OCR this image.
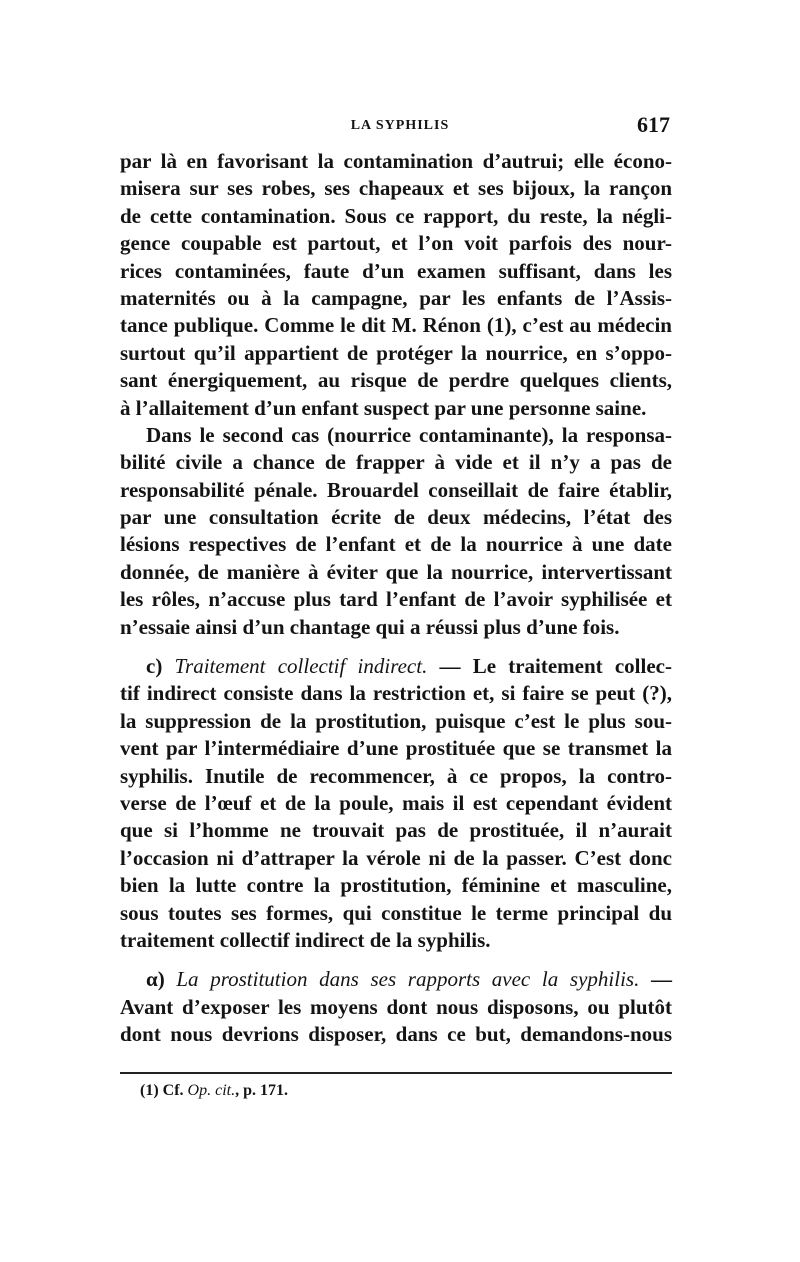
LA SYPHILIS	617
par là en favorisant la contamination d’autrui; elle écono-
misera sur ses robes, ses chapeaux et ses bijoux, la rançon
de cette contamination. Sous ce rapport, du reste, la négli-
gence coupable est partout, et l’on voit parfois des nour-
rices contaminées, faute d’un examen suffisant, dans les
maternités ou à la campagne, par les enfants de l’Assis-
tance publique. Comme le dit M. Rénon (1), c’est au médecin
surtout qu’il appartient de protéger la nourrice, en s’oppo-
sant énergiquement, au risque de perdre quelques clients,
à l’allaitement d’un enfant suspect par une personne saine.
Dans le second cas (nourrice contaminante), la responsa-
bilité civile a chance de frapper à vide et il n’y a pas de
responsabilité pénale. Brouardel conseillait de faire établir,
par une consultation écrite de deux médecins, l’état des
lésions respectives de l’enfant et de la nourrice à une date
donnée, de manière à éviter que la nourrice, intervertissant
les rôles, n’accuse plus tard l’enfant de l’avoir syphilisée et
n’essaie ainsi d’un chantage qui a réussi plus d’une fois.
c) Traitement collectif indirect. — Le traitement collec-
tif indirect consiste dans la restriction et, si faire se peut (?),
la suppression de la prostitution, puisque c’est le plus sou-
vent par l’intermédiaire d’une prostituée que se transmet la
syphilis. Inutile de recommencer, à ce propos, la contro-
verse de l’œuf et de la poule, mais il est cependant évident
que si l’homme ne trouvait pas de prostituée, il n’aurait
l’occasion ni d’attraper la vérole ni de la passer. C’est donc
bien la lutte contre la prostitution, féminine et masculine,
sous toutes ses formes, qui constitue le terme principal du
traitement collectif indirect de la syphilis.
α) La prostitution dans ses rapports avec la syphilis. —
Avant d’exposer les moyens dont nous disposons, ou plutôt
dont nous devrions disposer, dans ce but, demandons-nous
(1) Cf. Op. cit., p. 171.
